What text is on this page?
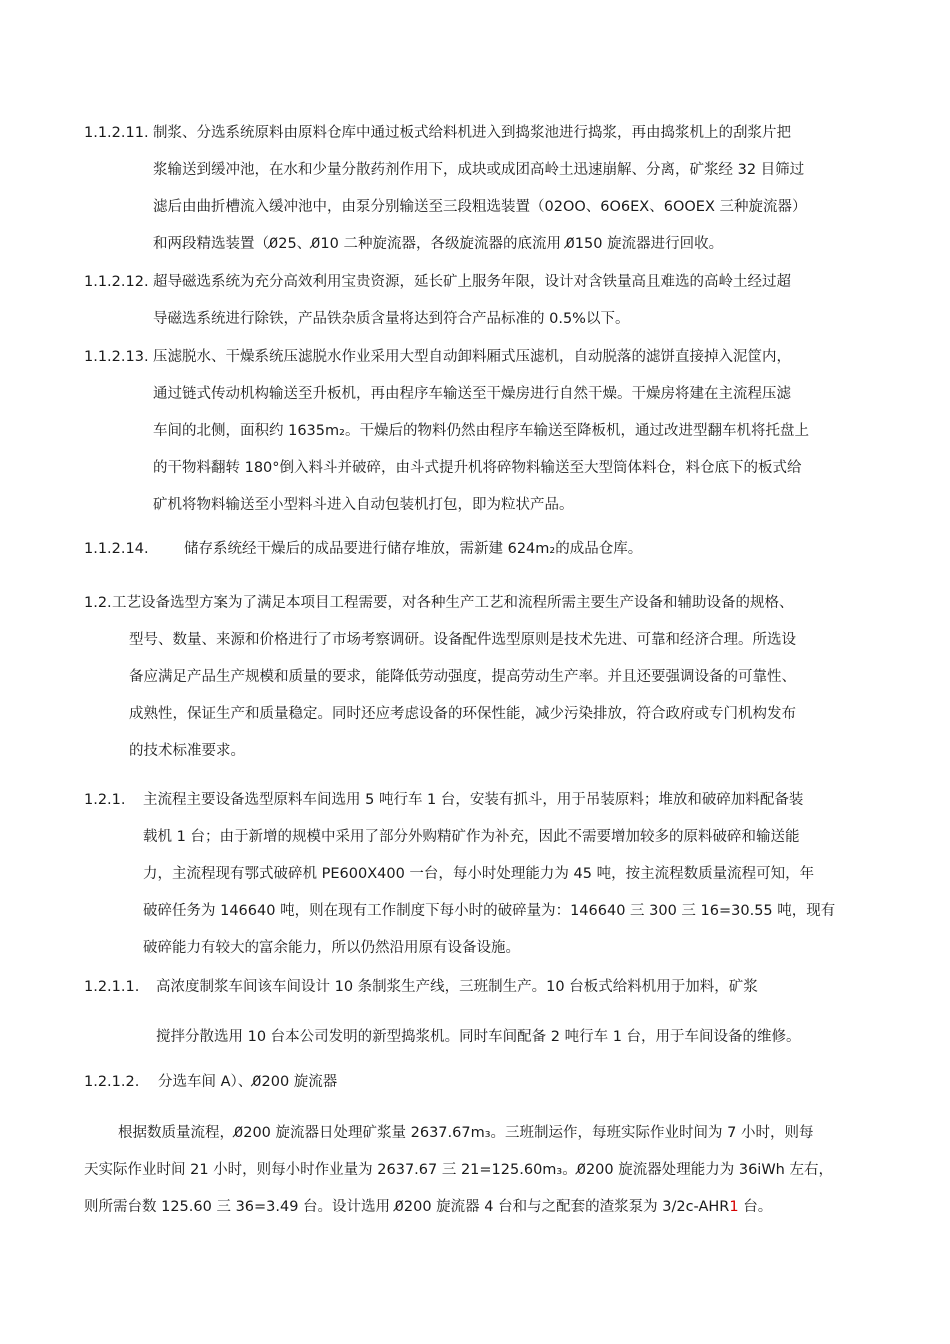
1.1.2.11. 制浆、分选系统原料由原料仓库中通过板式给料机进入到捣浆池进行捣浆，再由捣浆机上的刮浆片把
浆输送到缓冲池，在水和少量分散药剂作用下，成块或成团高岭土迅速崩解、分离，矿浆经 32 目筛过
滤后由曲折槽流入缓冲池中，由泵分别输送至三段粗选装置（02OO、6O6EX、6OOEX 三种旋流器）
和两段精选装置（0̸25、0̸10 二种旋流器，各级旋流器的底流用 0̸150 旋流器进行回收。
1.1.2.12. 超导磁选系统为充分高效利用宝贵资源，延长矿上服务年限，设计对含铁量高且难选的高岭土经过超
导磁选系统进行除铁，产品铁杂质含量将达到符合产品标准的 0.5%以下。
1.1.2.13. 压滤脱水、干燥系统压滤脱水作业采用大型自动卸料厢式压滤机，自动脱落的滤饼直接掉入泥筐内，
通过链式传动机构输送至升板机，再由程序车输送至干燥房进行自然干燥。干燥房将建在主流程压滤
车间的北侧，面积约 1635m₂。干燥后的物料仍然由程序车输送至降板机，通过改进型翻车机将托盘上
的干物料翻转 180°倒入料斗并破碎，由斗式提升机将碎物料输送至大型筒体料仓，料仓底下的板式给
矿机将物料输送至小型料斗进入自动包装机打包，即为粒状产品。
1.1.2.14. 储存系统经干燥后的成品要进行储存堆放，需新建 624m₂的成品仓库。
1.2. 工艺设备选型方案为了满足本项目工程需要，对各种生产工艺和流程所需主要生产设备和辅助设备的规格、
型号、数量、来源和价格进行了市场考察调研。设备配件选型原则是技术先进、可靠和经济合理。所选设
备应满足产品生产规模和质量的要求，能降低劳动强度，提高劳动生产率。并且还要强调设备的可靠性、
成熟性，保证生产和质量稳定。同时还应考虑设备的环保性能，减少污染排放，符合政府或专门机构发布
的技术标准要求。
1.2.1. 主流程主要设备选型原料车间选用 5 吨行车 1 台，安装有抓斗，用于吊装原料；堆放和破碎加料配备装
载机 1 台；由于新增的规模中采用了部分外购精矿作为补充，因此不需要增加较多的原料破碎和输送能
力，主流程现有鄂式破碎机 PE600X400 一台，每小时处理能力为 45 吨，按主流程数质量流程可知，年
破碎任务为 146640 吨，则在现有工作制度下每小时的破碎量为：146640 三 300 三 16=30.55 吨，现有
破碎能力有较大的富余能力，所以仍然沿用原有设备设施。
1.2.1.1. 高浓度制浆车间该车间设计 10 条制浆生产线，三班制生产。10 台板式给料机用于加料，矿浆
搅拌分散选用 10 台本公司发明的新型捣浆机。同时车间配备 2 吨行车 1 台，用于车间设备的维修。
1.2.1.2. 分选车间 A）、0̸200 旋流器
根据数质量流程，0̸200 旋流器日处理矿浆量 2637.67m₃。三班制运作，每班实际作业时间为 7 小时，则每
天实际作业时间 21 小时，则每小时作业量为 2637.67 三 21=125.60m₃。0̸200 旋流器处理能力为 36iWh 左右，
则所需台数 125.60 三 36=3.49 台。设计选用 0̸200 旋流器 4 台和与之配套的渣浆泵为 3/2c-AHR1 台。
